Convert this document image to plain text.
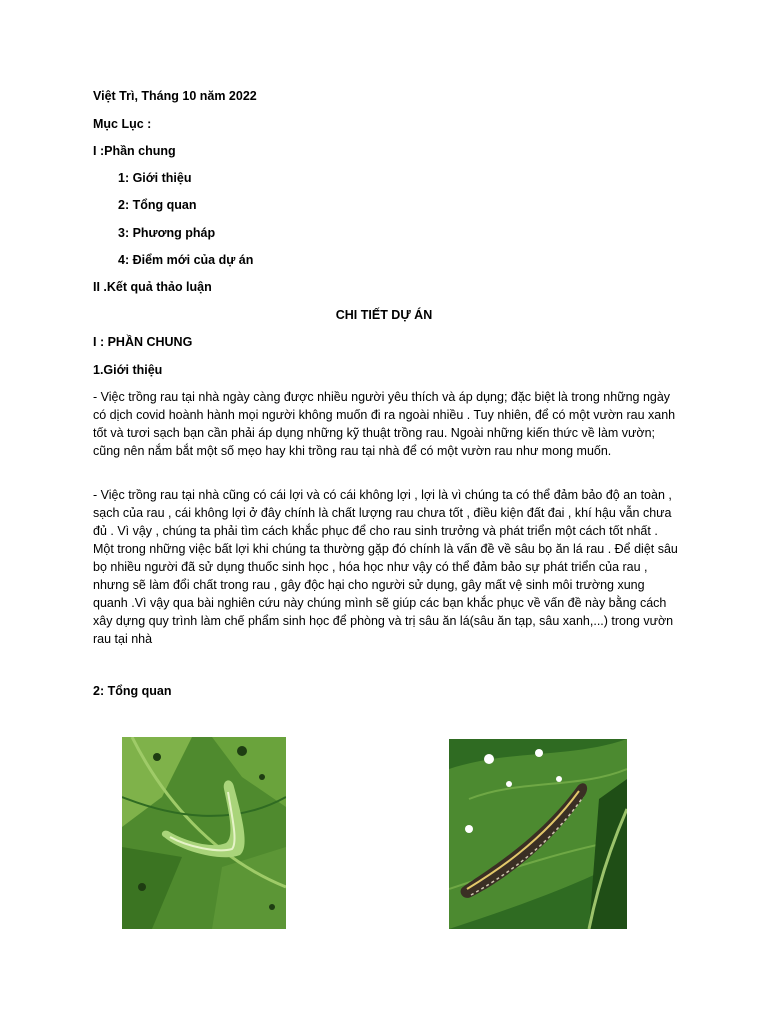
Việt Trì, Tháng 10 năm 2022
Mục Lục :
I :Phần chung
1: Giới thiệu
2: Tổng quan
3: Phương pháp
4: Điểm mới của dự án
II .Kết quả thảo luận
CHI TIẾT DỰ ÁN
I : PHẦN CHUNG
1.Giới thiệu
- Việc trồng rau tại nhà ngày càng được nhiều người yêu thích và áp dụng; đặc biệt là trong những ngày có dịch covid hoành hành mọi người không muốn đi ra ngoài nhiều . Tuy nhiên, để có một vườn rau xanh tốt và tươi sạch bạn cần phải áp dụng những kỹ thuật trồng rau. Ngoài những kiến thức về làm vườn; cũng nên nắm bắt một số mẹo hay khi trồng rau tại nhà để có một vườn rau như mong muốn.
- Việc trồng rau tại nhà cũng có cái lợi và có cái không lợi , lợi là vì chúng ta có thể đảm bảo độ an toàn , sạch của rau , cái không lợi ở đây chính là chất lượng rau chưa tốt , điều kiện đất đai , khí hậu vẫn chưa đủ . Vì vậy , chúng ta phải tìm cách khắc phục để cho rau sinh trưởng và phát triển một cách tốt nhất . Một trong những việc bất lợi khi chúng ta thường gặp đó chính là vấn đề về sâu bọ ăn lá rau . Để diệt sâu bọ nhiều người đã sử dụng thuốc sinh học , hóa học như vậy có thể đảm bảo sự phát triển của rau , nhưng sẽ làm đổi chất trong rau , gây độc hại cho người sử dụng, gây mất vệ sinh môi trường xung quanh .Vì vậy qua bài nghiên cứu này chúng mình sẽ giúp các bạn khắc phục về vấn đề này bằng cách xây dựng quy trình làm chế phẩm sinh học để phòng và trị sâu ăn lá(sâu ăn tạp, sâu xanh,...) trong vườn rau tại nhà
2: Tổng quan
